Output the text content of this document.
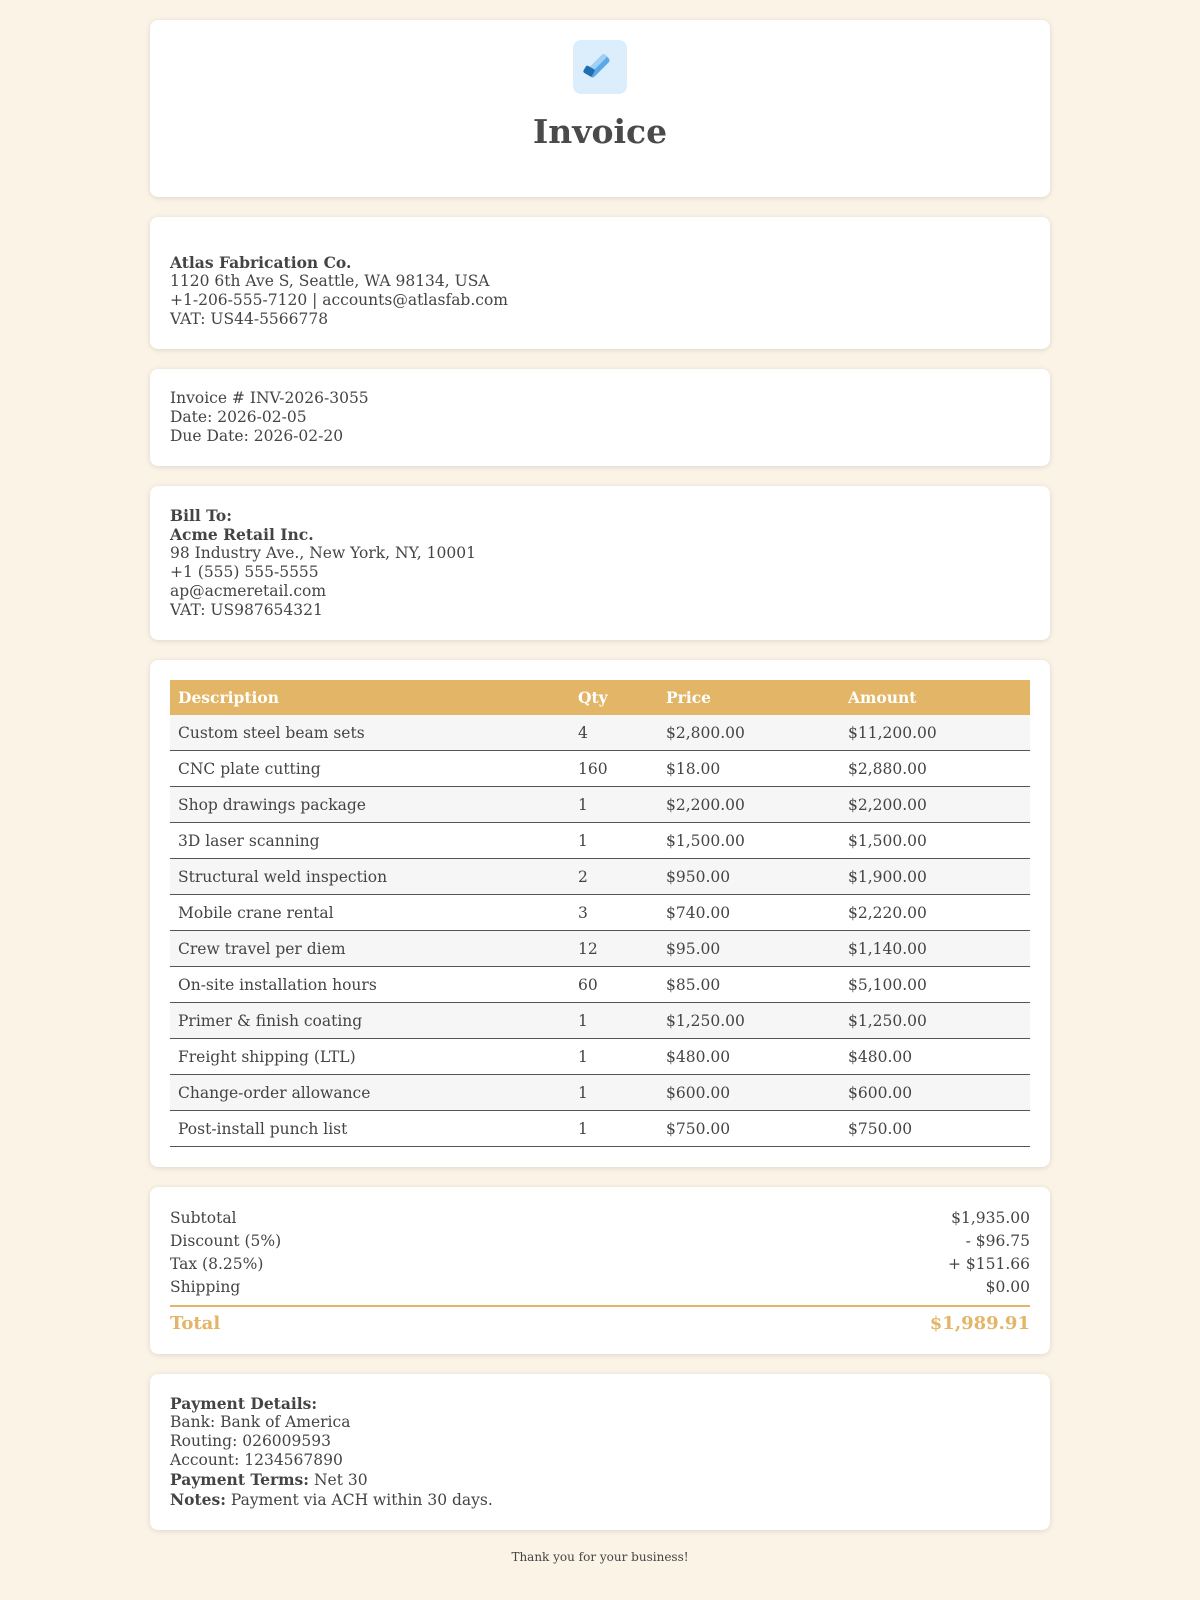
Invoice
Atlas Fabrication Co.
1120 6th Ave S, Seattle, WA 98134, USA
+1-206-555-7120 | accounts@atlasfab.com
VAT: US44-5566778
Invoice # INV-2026-3055
Date: 2026-02-05
Due Date: 2026-02-20
Bill To:
Acme Retail Inc.
98 Industry Ave., New York, NY, 10001
+1 (555) 555-5555
ap@acmeretail.com
VAT: US987654321
Description	Qty	Price	Amount
Custom steel beam sets	4	$2,800.00	$11,200.00
CNC plate cutting	160	$18.00	$2,880.00
Shop drawings package	1	$2,200.00	$2,200.00
3D laser scanning	1	$1,500.00	$1,500.00
Structural weld inspection	2	$950.00	$1,900.00
Mobile crane rental	3	$740.00	$2,220.00
Crew travel per diem	12	$95.00	$1,140.00
On-site installation hours	60	$85.00	$5,100.00
Primer & finish coating	1	$1,250.00	$1,250.00
Freight shipping (LTL)	1	$480.00	$480.00
Change-order allowance	1	$600.00	$600.00
Post-install punch list	1	$750.00	$750.00
Subtotal	$1,935.00
Discount (5%)	- $96.75
Tax (8.25%)	+ $151.66
Shipping	$0.00
Total	$1,989.91
Payment Details:
Bank: Bank of America
Routing: 026009593
Account: 1234567890
Payment Terms: Net 30
Notes: Payment via ACH within 30 days.
Thank you for your business!
